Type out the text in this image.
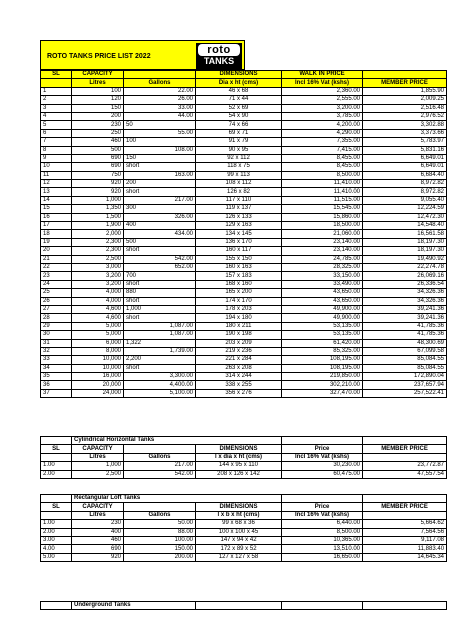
ROTO TANKS PRICE LIST 2022
roto
TANKS
SL	CAPACITY		DIMENSIONS	WALK IN PRICE	
	Litres	Gallons	Dia x ht (cms)	Incl 16% Vat (kshs)	MEMBER PRICE
1	100	22.00	46 x 68	2,360.00	1,855.90
2	120	26.00	71 x 44	2,555.00	2,009.25
3	150	33.00	52 x 69	3,200.00	2,516.48
4	200	44.00	54 x 90	3,785.00	2,976.52
5	230	50	74 x 66	4,200.00	3,302.88
6	250	55.00	69 x 71	4,290.00	3,373.66
7	460	100	91 x 79	7,355.00	5,783.97
8	500	108.00	90 x 95	7,415.00	5,831.16
9	690	150	92 x 112	8,455.00	6,649.01
10	690	short	118 x 75	8,455.00	6,649.01
11	750	163.00	99 x 113	8,500.00	6,684.40
12	920	200	108 x 112	11,410.00	8,972.82
13	920	short	126 x 82	11,410.00	8,972.82
14	1,000	217.00	117 x 110	11,515.00	9,055.40
15	1,350	300	119 x 137	15,545.00	12,224.59
16	1,500	326.00	126 x 133	15,860.00	12,472.30
17	1,900	400	129 x 163	18,500.00	14,548.40
18	2,000	434.00	134 x 145	21,060.00	16,561.58
19	2,300	500	136 x 170	23,140.00	18,197.30
20	2,300	short	160 x 117	23,140.00	18,197.30
21	2,500	542.00	155 x 150	24,785.00	19,490.92
22	3,000	652.00	160 x 163	28,325.00	22,274.78
23	3,200	700	157 x 183	33,150.00	26,069.16
24	3,200	short	168 x 160	33,490.00	26,336.54
25	4,000	880	165 x 200	43,650.00	34,326.36
26	4,000	short	174 x 170	43,650.00	34,326.36
27	4,600	1,000	178 x 203	49,900.00	39,241.36
28	4,600	short	194 x 180	49,900.00	39,241.36
29	5,000	1,087.00	180 x 211	53,135.00	41,785.36
30	5,000	1,087.00	190 x 198	53,135.00	41,785.36
31	6,000	1,322	203 x 209	61,420.00	48,300.69
32	8,000	1,739.00	219 x 236	85,325.00	67,099.58
33	10,000	2,200	221 x 284	108,195.00	85,084.55
34	10,000	short	263 x 208	108,195.00	85,084.55
35	16,000	3,300.00	314 x 244	219,850.00	172,890.04
36	20,000	4,400.00	338 x 255	302,210.00	237,657.94
37	24,000	5,100.00	356 x 276	327,470.00	257,522.41
	Cylindrical Horizontal Tanks				
SL	CAPACITY		DIMENSIONS	Price	MEMBER PRICE
	Litres	Gallons	l x dia x ht (cms)	Incl 16% Vat (kshs)	
1.00	1,000	217.00	144 x 95 x 110	30,230.00	23,772.87
2.00	2,500	542.00	208 x 126 x 142	60,475.00	47,557.54
	Rectangular Loft Tanks				
SL	CAPACITY		DIMENSIONS	Price	MEMBER PRICE
	Litres	Gallons	l x b x ht (cms)	Incl 16% Vat (kshs)	
1.00	230	50.00	99 x 68 x 36	6,440.00	5,664.62
2.00	400	88.00	100 x 100 x 45	8,500.00	7,564.56
3.00	460	100.00	147 x 94 x 42	10,365.00	9,117.08
4.00	690	150.00	172 x 89 x 52	13,510.00	11,883.40
5.00	920	200.00	127 x 127 x 58	16,650.00	14,645.34
	Underground Tanks			
